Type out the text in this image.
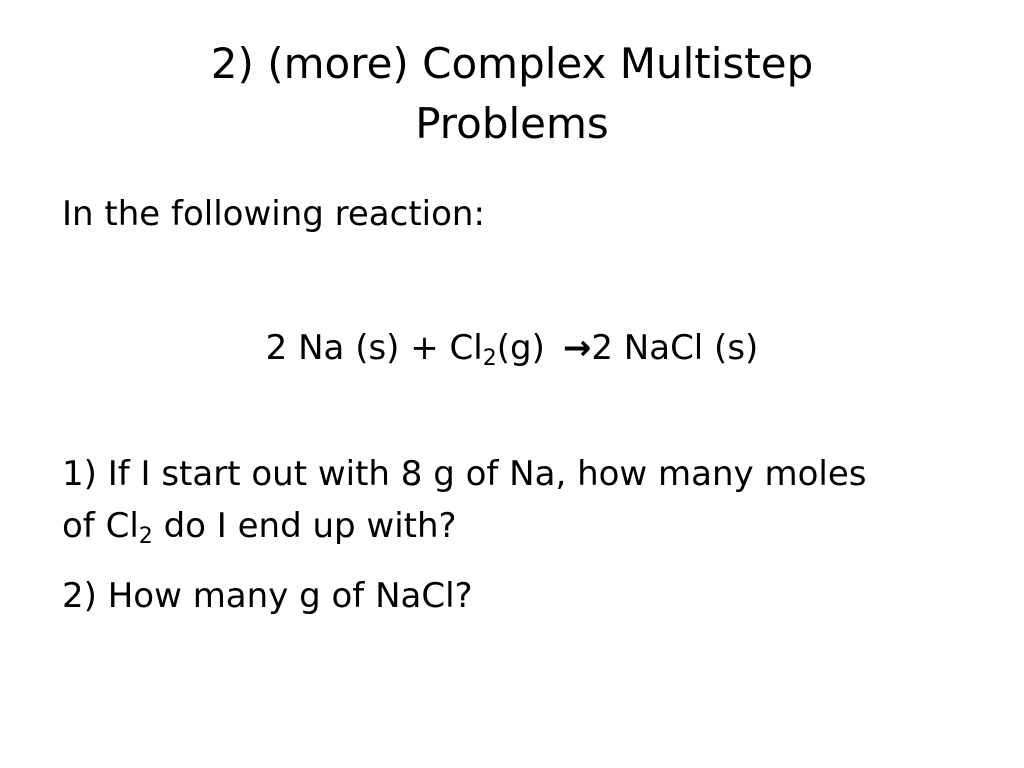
2) (more) Complex Multistep
Problems
In the following reaction:
2 Na $(s) + Cl_2(g) \to 2$ NaCl (s)
1) If I start out with 8 g of Na, how many moles
of $Cl_2$ do I end up with?
2) How many g of NaCl?
